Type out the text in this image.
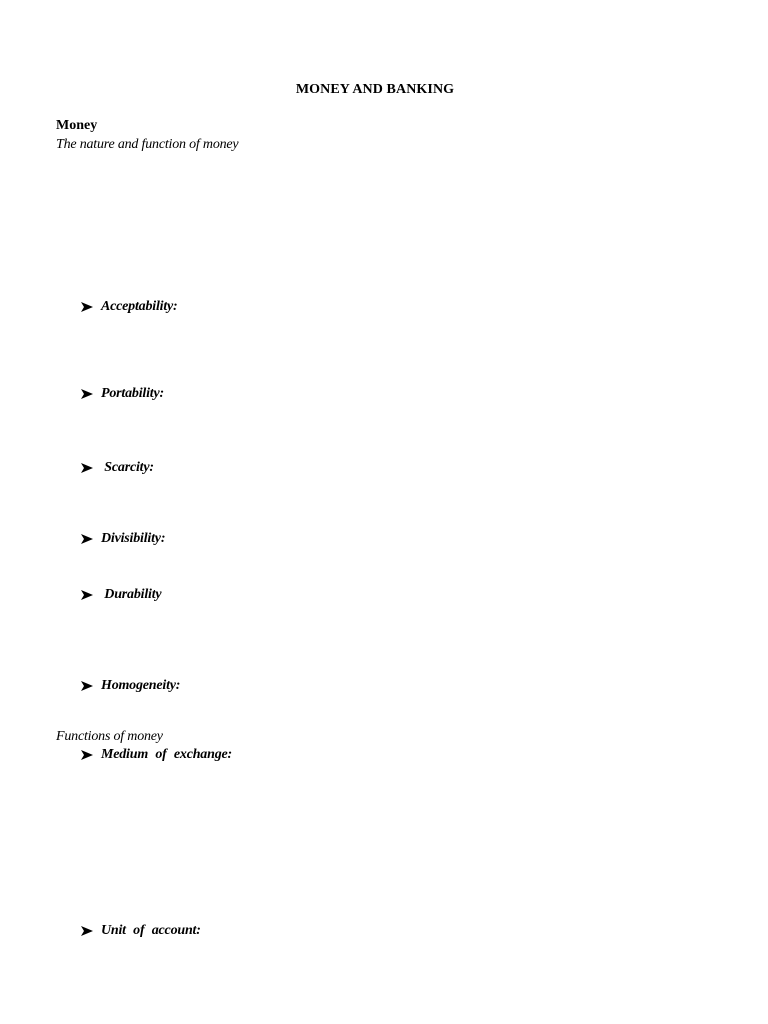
MONEY AND BANKING
Money
The nature and function of money
Acceptability:
Portability:
Scarcity:
Divisibility:
Durability
Homogeneity:
Functions of money
Medium of exchange:
Unit of account:
